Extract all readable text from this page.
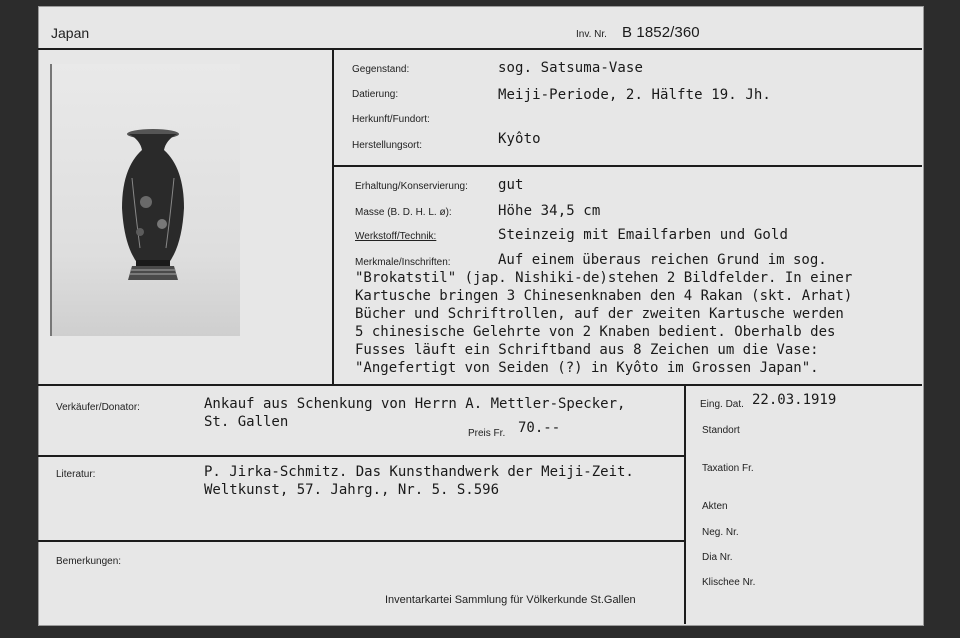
Japan	Inv. Nr. B 1852/360
Gegenstand:	sog. Satsuma-Vase
Datierung:	Meiji-Periode, 2. Hälfte 19. Jh.
Herkunft/Fundort:
Herstellungsort:	Kyôto
Erhaltung/Konservierung: gut
Masse (B. D. H. L. ø):	Höhe 34,5 cm
Werkstoff/Technik:	Steinzeig mit Emailfarben und Gold
Merkmale/Inschriften:	Auf einem überaus reichen Grund im sog.
"Brokatstil" (jap. Nishiki-de)stehen 2 Bildfelder. In einer
Kartusche bringen 3 Chinesenknaben den 4 Rakan (skt. Arhat)
Bücher und Schriftrollen, auf der zweiten Kartusche werden
5 chinesische Gelehrte von 2 Knaben bedient. Oberhalb des
Fusses läuft ein Schriftband aus 8 Zeichen um die Vase:
"Angefertigt von Seiden (?) in Kyôto im Grossen Japan".
Verkäufer/Donator:	Ankauf aus Schenkung von Herrn A. Mettler-Specker,
St. Gallen
Preis Fr. 70.--
Literatur:	P. Jirka-Schmitz. Das Kunsthandwerk der Meiji-Zeit.
Weltkunst, 57. Jahrg., Nr. 5. S.596
Bemerkungen:
Eing. Dat. 22.03.1919
Standort
Taxation Fr.
Akten
Neg. Nr.
Dia Nr.
Klischee Nr.
Inventarkartei Sammlung für Völkerkunde St.Gallen
